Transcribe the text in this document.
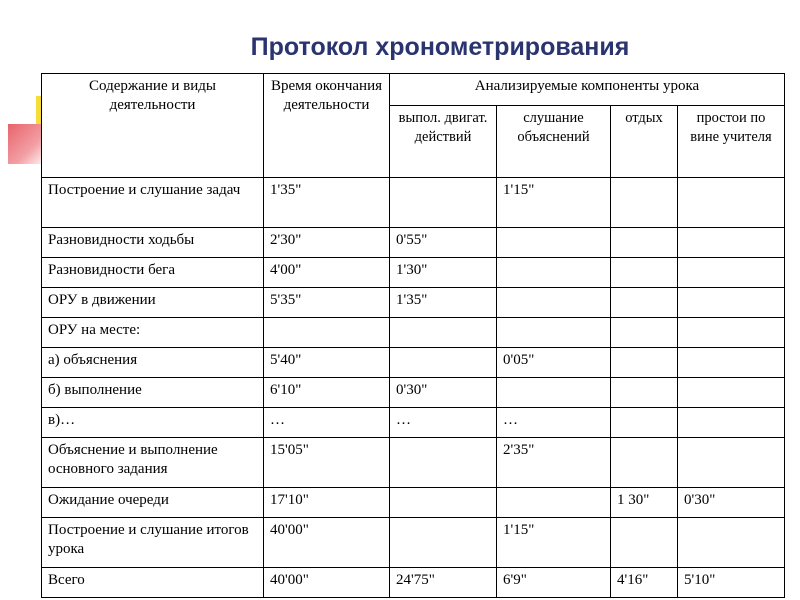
Протокол хронометрирования
Содержание и виды деятельности	Время окончания деятельности	Анализируемые компоненты урока			
		выпол. двигат. действий	слушание объяснений	отдых	простои по вине учителя
Построение и слушание задач	1'35"		1'15"		
Разновидности ходьбы	2'30"	0'55"			
Разновидности бега	4'00"	1'30"			
ОРУ в движении	5'35"	1'35"			
ОРУ на месте:					
а) объяснения	5'40"		0'05"		
б) выполнение	6'10"	0'30"			
в)…	…	…	…		
Объяснение и выполнение основного задания	15'05"		2'35"		
Ожидание очереди	17'10"			1 30"	0'30"
Построение и слушание итогов урока	40'00"		1'15"		
Всего	40'00"	24'75"	6'9"	4'16"	5'10"
